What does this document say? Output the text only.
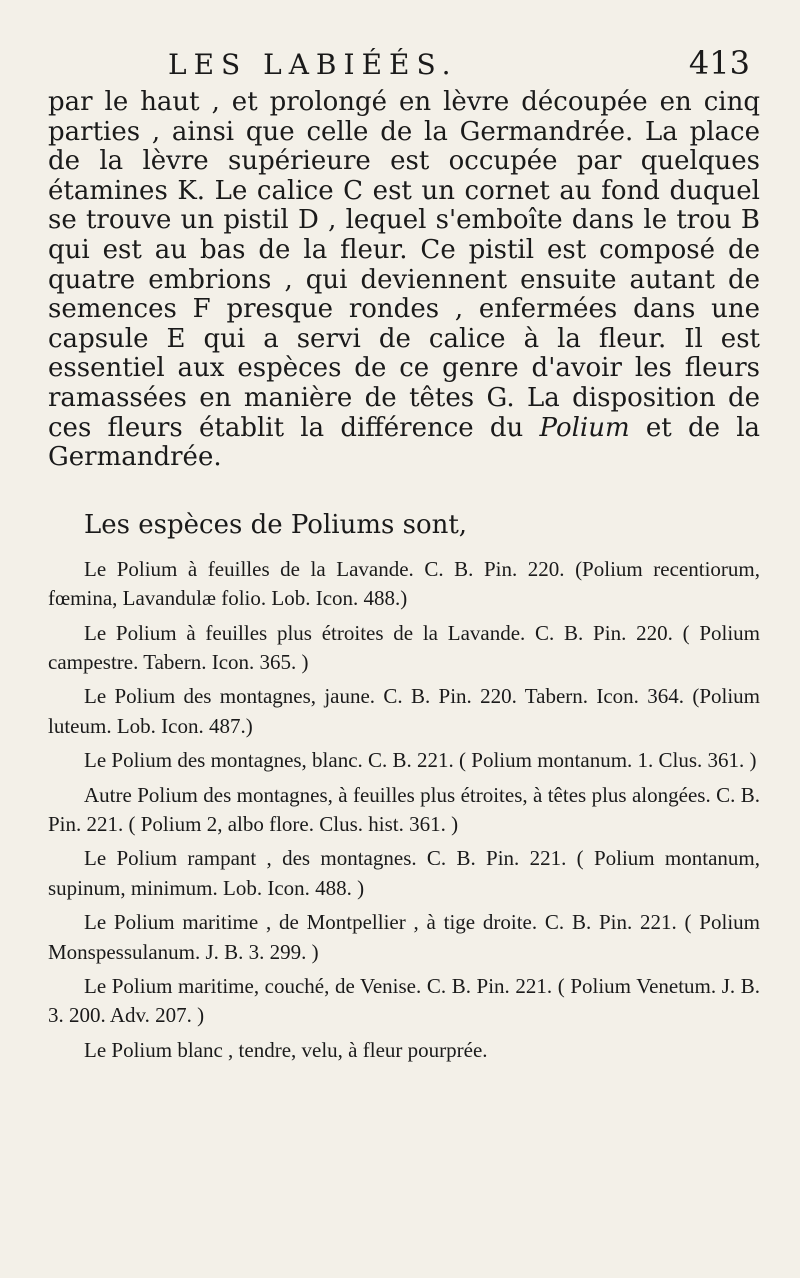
LES LABIÉÉS.	413

par le haut , et prolongé en lèvre découpée en cinq parties , ainsi que celle de la Germandrée. La place de la lèvre supérieure est occupée par quelques étamines K. Le calice C est un cornet au fond duquel se trouve un pistil D , lequel s'emboîte dans le trou B qui est au bas de la fleur. Ce pistil est composé de quatre embrions , qui deviennent ensuite autant de semences F presque rondes , enfermées dans une capsule E qui a servi de calice à la fleur. Il est essentiel aux espèces de ce genre d'avoir les fleurs ramassées en manière de têtes G. La disposition de ces fleurs établit la différence du Polium et de la Germandrée.

Les espèces de Poliums sont,

Le Polium à feuilles de la Lavande. C. B. Pin. 220. (Polium recentiorum, fœmina, Lavandulæ folio. Lob. Icon. 488.)

Le Polium à feuilles plus étroites de la Lavande. C. B. Pin. 220. ( Polium campestre. Tabern. Icon. 365. )

Le Polium des montagnes, jaune. C. B. Pin. 220. Tabern. Icon. 364. (Polium luteum. Lob. Icon. 487.)

Le Polium des montagnes, blanc. C. B. 221. ( Polium montanum. 1. Clus. 361. )

Autre Polium des montagnes, à feuilles plus étroites, à têtes plus alongées. C. B. Pin. 221. ( Polium 2, albo flore. Clus. hist. 361. )

Le Polium rampant , des montagnes. C. B. Pin. 221. ( Polium montanum, supinum, minimum. Lob. Icon. 488. )

Le Polium maritime , de Montpellier , à tige droite. C. B. Pin. 221. ( Polium Monspessulanum. J. B. 3. 299. )

Le Polium maritime, couché, de Venise. C. B. Pin. 221. ( Polium Venetum. J. B. 3. 200. Adv. 207. )

Le Polium blanc , tendre, velu, à fleur pourprée.
